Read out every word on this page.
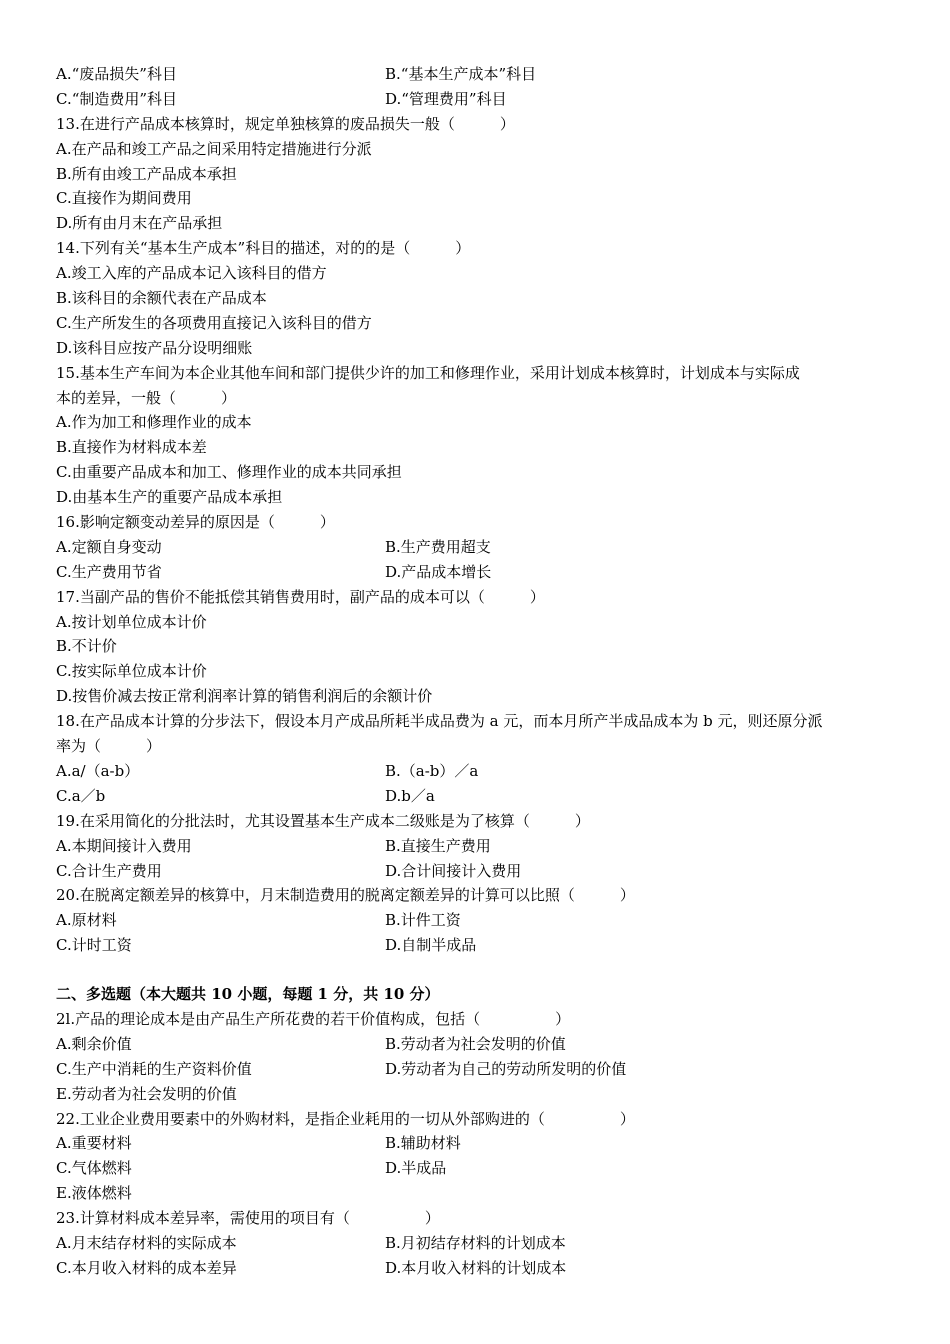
A.“废品损失”科目	B.“基本生产成本”科目
C.“制造费用”科目	D.“管理费用”科目
13.在进行产品成本核算时，规定单独核算的废品损失一般（　　　）
A.在产品和竣工产品之间采用特定措施进行分派
B.所有由竣工产品成本承担
C.直接作为期间费用
D.所有由月末在产品承担
14.下列有关“基本生产成本”科目的描述，对的的是（　　　）
A.竣工入库的产品成本记入该科目的借方
B.该科目的余额代表在产品成本
C.生产所发生的各项费用直接记入该科目的借方
D.该科目应按产品分设明细账
15.基本生产车间为本企业其他车间和部门提供少许的加工和修理作业，采用计划成本核算时，计划成本与实际成
本的差异，一般（　　　）
A.作为加工和修理作业的成本
B.直接作为材料成本差
C.由重要产品成本和加工、修理作业的成本共同承担
D.由基本生产的重要产品成本承担
16.影响定额变动差异的原因是（　　　）
A.定额自身变动	B.生产费用超支
C.生产费用节省	D.产品成本增长
17.当副产品的售价不能抵偿其销售费用时，副产品的成本可以（　　　）
A.按计划单位成本计价
B.不计价
C.按实际单位成本计价
D.按售价减去按正常利润率计算的销售利润后的余额计价
18.在产品成本计算的分步法下，假设本月产成品所耗半成品费为 a 元，而本月所产半成品成本为 b 元，则还原分派
率为（　　　）
A.a/（a-b）	B.（a-b）／a
C.a／b	D.b／a
19.在采用简化的分批法时，尤其设置基本生产成本二级账是为了核算（　　　）
A.本期间接计入费用	B.直接生产费用
C.合计生产费用	D.合计间接计入费用
20.在脱离定额差异的核算中，月末制造费用的脱离定额差异的计算可以比照（　　　）
A.原材料	B.计件工资
C.计时工资	D.自制半成品
二、多选题（本大题共 10 小题，每题 1 分，共 10 分）
2l.产品的理论成本是由产品生产所花费的若干价值构成，包括（　　　　　）
A.剩余价值	B.劳动者为社会发明的价值
C.生产中消耗的生产资料价值	D.劳动者为自己的劳动所发明的价值
E.劳动者为社会发明的价值
22.工业企业费用要素中的外购材料，是指企业耗用的一切从外部购进的（　　　　　）
A.重要材料	B.辅助材料
C.气体燃料	D.半成品
E.液体燃料
23.计算材料成本差异率，需使用的项目有（　　　　　）
A.月末结存材料的实际成本	B.月初结存材料的计划成本
C.本月收入材料的成本差异	D.本月收入材料的计划成本
